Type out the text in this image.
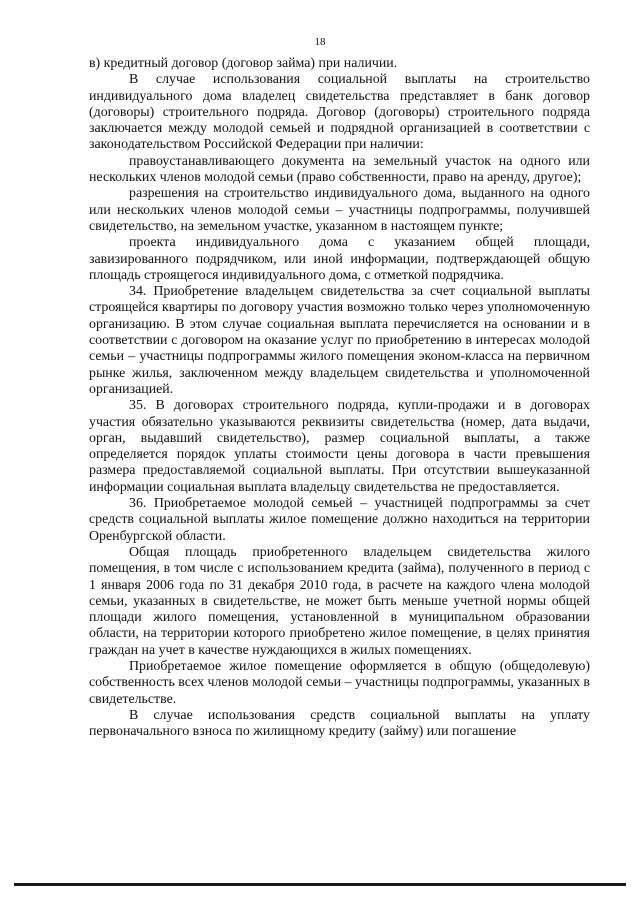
18

в) кредитный договор (договор займа) при наличии.

В случае использования социальной выплаты на строительство индивидуального дома владелец свидетельства представляет в банк договор (договоры) строительного подряда. Договор (договоры) строительного подряда заключается между молодой семьей и подрядной организацией в соответствии с законодательством Российской Федерации при наличии:

правоустанавливающего документа на земельный участок на одного или нескольких членов молодой семьи (право собственности, право на аренду, другое);

разрешения на строительство индивидуального дома, выданного на одного или нескольких членов молодой семьи – участницы подпрограммы, получившей свидетельство, на земельном участке, указанном в настоящем пункте;

проекта индивидуального дома с указанием общей площади, завизированного подрядчиком, или иной информации, подтверждающей общую площадь строящегося индивидуального дома, с отметкой подрядчика.

34. Приобретение владельцем свидетельства за счет социальной выплаты строящейся квартиры по договору участия возможно только через уполномоченную организацию. В этом случае социальная выплата перечисляется на основании и в соответствии с договором на оказание услуг по приобретению в интересах молодой семьи – участницы подпрограммы жилого помещения эконом-класса на первичном рынке жилья, заключенном между владельцем свидетельства и уполномоченной организацией.

35. В договорах строительного подряда, купли-продажи и в договорах участия обязательно указываются реквизиты свидетельства (номер, дата выдачи, орган, выдавший свидетельство), размер социальной выплаты, а также определяется порядок уплаты стоимости цены договора в части превышения размера предоставляемой социальной выплаты. При отсутствии вышеуказанной информации социальная выплата владельцу свидетельства не предоставляется.

36. Приобретаемое молодой семьей – участницей подпрограммы за счет средств социальной выплаты жилое помещение должно находиться на территории Оренбургской области.

Общая площадь приобретенного владельцем свидетельства жилого помещения, в том числе с использованием кредита (займа), полученного в период с 1 января 2006 года по 31 декабря 2010 года, в расчете на каждого члена молодой семьи, указанных в свидетельстве, не может быть меньше учетной нормы общей площади жилого помещения, установленной в муниципальном образовании области, на территории которого приобретено жилое помещение, в целях принятия граждан на учет в качестве нуждающихся в жилых помещениях.

Приобретаемое жилое помещение оформляется в общую (общедолевую) собственность всех членов молодой семьи – участницы подпрограммы, указанных в свидетельстве.

В случае использования средств социальной выплаты на уплату первоначального взноса по жилищному кредиту (займу) или погашение
